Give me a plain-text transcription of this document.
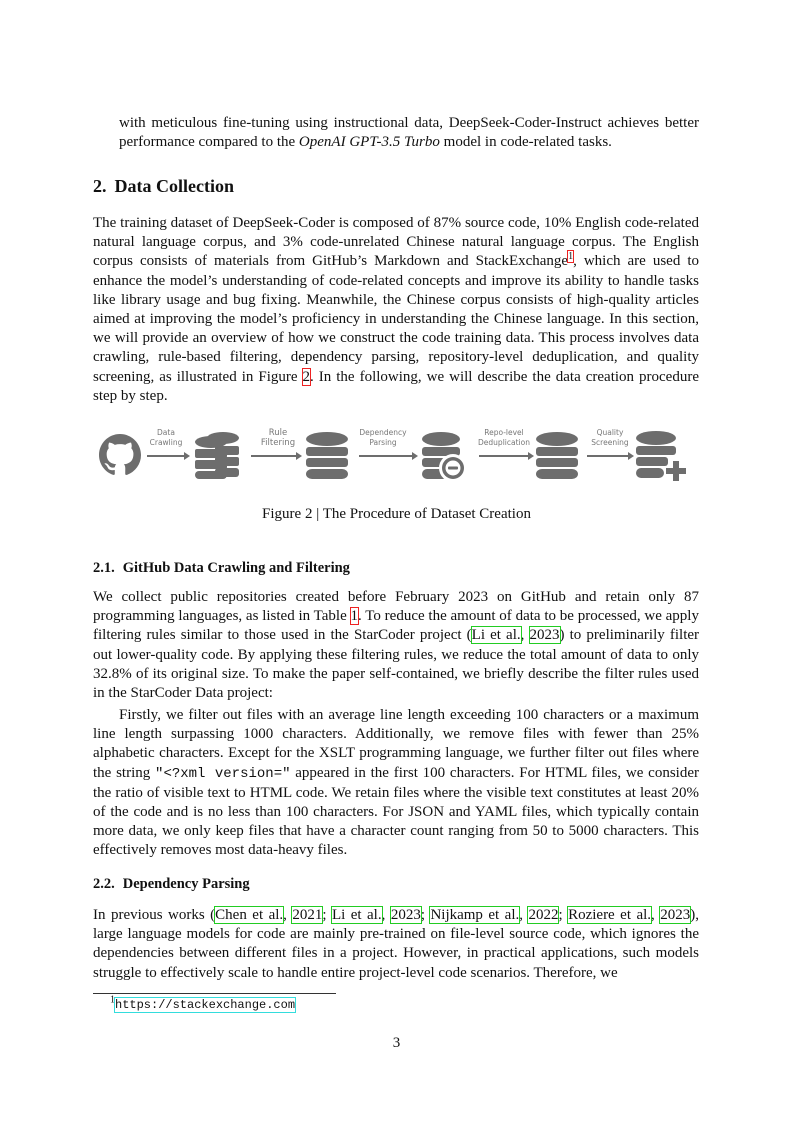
with meticulous fine-tuning using instructional data, DeepSeek-Coder-Instruct achieves better performance compared to the OpenAI GPT-3.5 Turbo model in code-related tasks.

2. Data Collection

The training dataset of DeepSeek-Coder is composed of 87% source code, 10% English code-related natural language corpus, and 3% code-unrelated Chinese natural language corpus. The English corpus consists of materials from GitHub’s Markdown and StackExchange$^1$, which are used to enhance the model’s understanding of code-related concepts and improve its ability to handle tasks like library usage and bug fixing. Meanwhile, the Chinese corpus consists of high-quality articles aimed at improving the model’s proficiency in understanding the Chinese language. In this section, we will provide an overview of how we construct the code training data. This process involves data crawling, rule-based filtering, dependency parsing, repository-level deduplication, and quality screening, as illustrated in Figure 2. In the following, we will describe the data creation procedure step by step.

Data
Crawling
Rule
Filtering
Dependency
Parsing
Repo-level
Deduplication
Quality
Screening
Figure 2 | The Procedure of Dataset Creation
2.1. GitHub Data Crawling and Filtering

We collect public repositories created before February 2023 on GitHub and retain only 87 programming languages, as listed in Table 1. To reduce the amount of data to be processed, we apply filtering rules similar to those used in the StarCoder project (Li et al., 2023) to preliminarily filter out lower-quality code. By applying these filtering rules, we reduce the total amount of data to only 32.8% of its original size. To make the paper self-contained, we briefly describe the filter rules used in the StarCoder Data project:

Firstly, we filter out files with an average line length exceeding 100 characters or a maximum line length surpassing 1000 characters. Additionally, we remove files with fewer than 25% alphabetic characters. Except for the XSLT programming language, we further filter out files where the string "<?xml version=" appeared in the first 100 characters. For HTML files, we consider the ratio of visible text to HTML code. We retain files where the visible text constitutes at least 20% of the code and is no less than 100 characters. For JSON and YAML files, which typically contain more data, we only keep files that have a character count ranging from 50 to 5000 characters. This effectively removes most data-heavy files.

2.2. Dependency Parsing

In previous works (Chen et al., 2021; Li et al., 2023; Nijkamp et al., 2022; Roziere et al., 2023), large language models for code are mainly pre-trained on file-level source code, which ignores the dependencies between different files in a project. However, in practical applications, such models struggle to effectively scale to handle entire project-level code scenarios. Therefore, we

$^1$https://stackexchange.com
3
